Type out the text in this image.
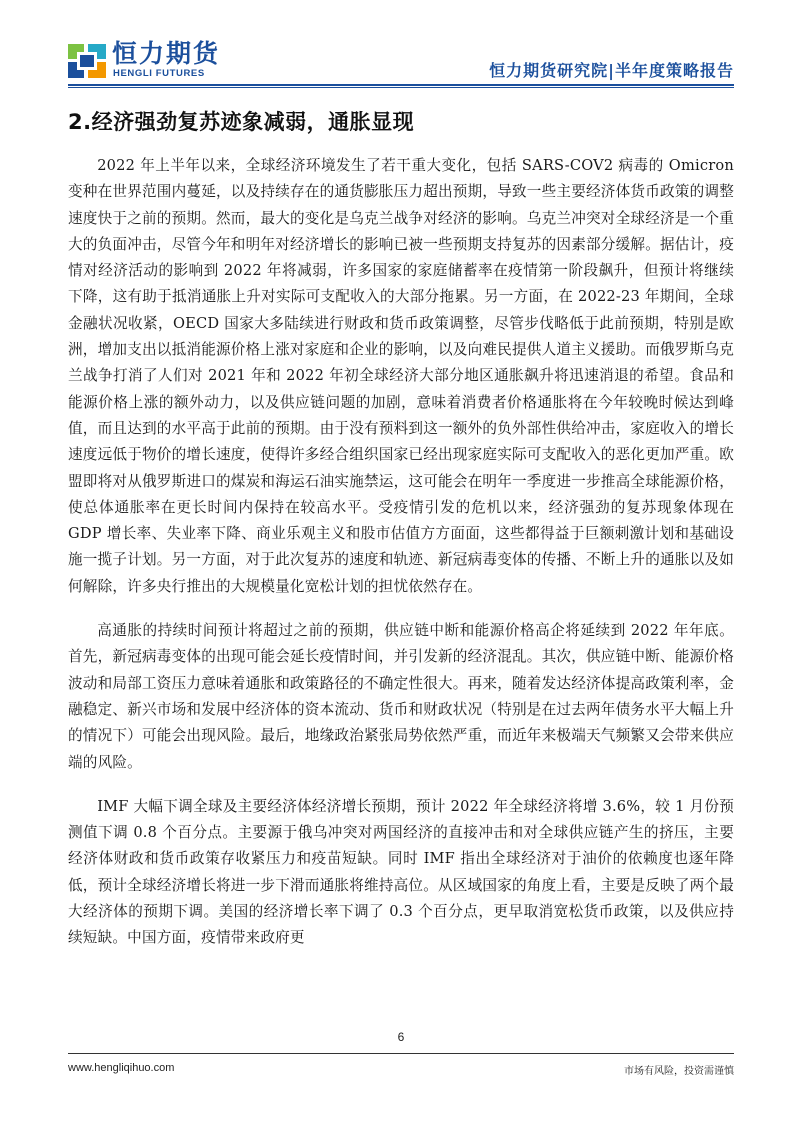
恒力期货
HENGLI FUTURES	恒力期货研究院|半年度策略报告
2.经济强劲复苏迹象减弱，通胀显现

2022 年上半年以来，全球经济环境发生了若干重大变化，包括 SARS-COV2 病毒的 Omicron 变种在世界范围内蔓延，以及持续存在的通货膨胀压力超出预期，导致一些主要经济体货币政策的调整速度快于之前的预期。然而，最大的变化是乌克兰战争对经济的影响。乌克兰冲突对全球经济是一个重大的负面冲击，尽管今年和明年对经济增长的影响已被一些预期支持复苏的因素部分缓解。据估计，疫情对经济活动的影响到 2022 年将减弱，许多国家的家庭储蓄率在疫情第一阶段飙升，但预计将继续下降，这有助于抵消通胀上升对实际可支配收入的大部分拖累。另一方面，在 2022-23 年期间，全球金融状况收紧，OECD 国家大多陆续进行财政和货币政策调整，尽管步伐略低于此前预期，特别是欧洲，增加支出以抵消能源价格上涨对家庭和企业的影响，以及向难民提供人道主义援助。而俄罗斯乌克兰战争打消了人们对 2021 年和 2022 年初全球经济大部分地区通胀飙升将迅速消退的希望。食品和能源价格上涨的额外动力，以及供应链问题的加剧，意味着消费者价格通胀将在今年较晚时候达到峰值，而且达到的水平高于此前的预期。由于没有预料到这一额外的负外部性供给冲击，家庭收入的增长速度远低于物价的增长速度，使得许多经合组织国家已经出现家庭实际可支配收入的恶化更加严重。欧盟即将对从俄罗斯进口的煤炭和海运石油实施禁运，这可能会在明年一季度进一步推高全球能源价格，使总体通胀率在更长时间内保持在较高水平。受疫情引发的危机以来，经济强劲的复苏现象体现在 GDP 增长率、失业率下降、商业乐观主义和股市估值方方面面，这些都得益于巨额刺激计划和基础设施一揽子计划。另一方面，对于此次复苏的速度和轨迹、新冠病毒变体的传播、不断上升的通胀以及如何解除，许多央行推出的大规模量化宽松计划的担忧依然存在。

高通胀的持续时间预计将超过之前的预期，供应链中断和能源价格高企将延续到 2022 年年底。首先，新冠病毒变体的出现可能会延长疫情时间，并引发新的经济混乱。其次，供应链中断、能源价格波动和局部工资压力意味着通胀和政策路径的不确定性很大。再来，随着发达经济体提高政策利率，金融稳定、新兴市场和发展中经济体的资本流动、货币和财政状况（特别是在过去两年债务水平大幅上升的情况下）可能会出现风险。最后，地缘政治紧张局势依然严重，而近年来极端天气频繁又会带来供应端的风险。

IMF 大幅下调全球及主要经济体经济增长预期，预计 2022 年全球经济将增 3.6%，较 1 月份预测值下调 0.8 个百分点。主要源于俄乌冲突对两国经济的直接冲击和对全球供应链产生的挤压，主要经济体财政和货币政策存收紧压力和疫苗短缺。同时 IMF 指出全球经济对于油价的依赖度也逐年降低，预计全球经济增长将进一步下滑而通胀将维持高位。从区域国家的角度上看，主要是反映了两个最大经济体的预期下调。美国的经济增长率下调了 0.3 个百分点，更早取消宽松货币政策，以及供应持续短缺。中国方面，疫情带来政府更

6
www.hengliqihuo.com	市场有风险，投资需谨慎
